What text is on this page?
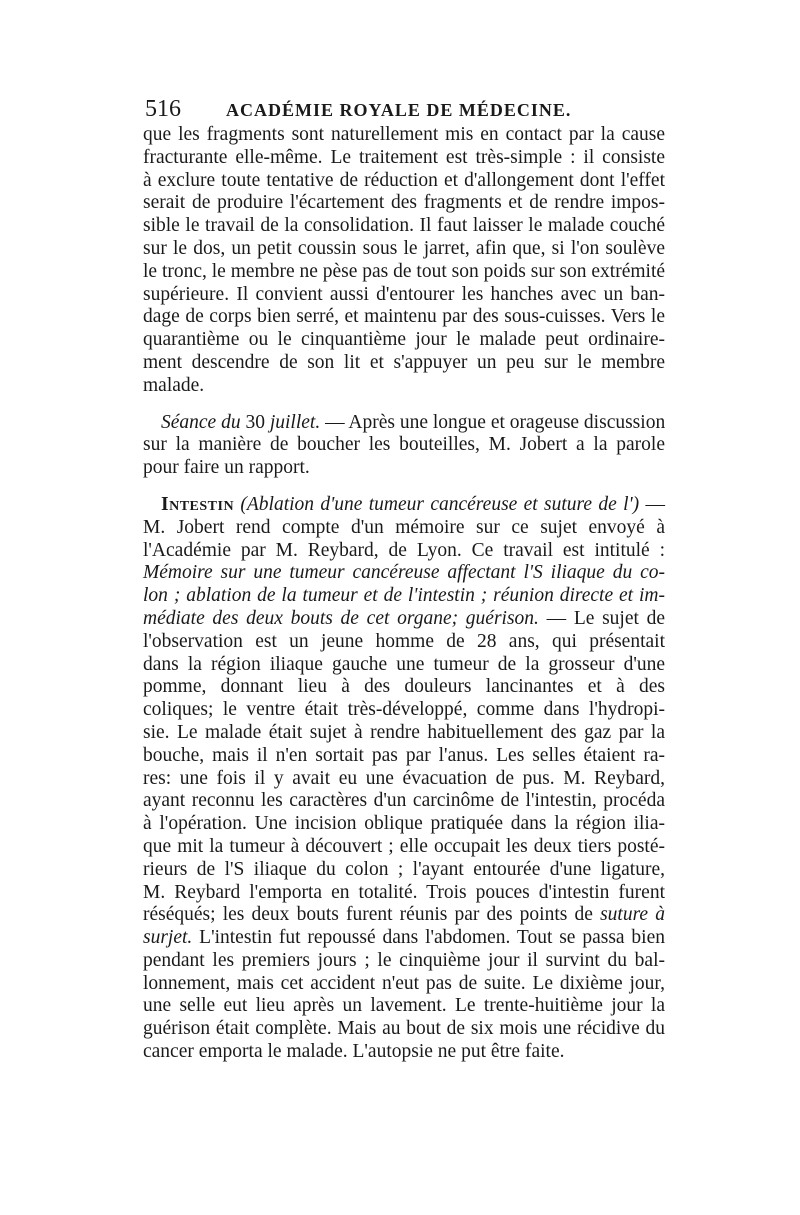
516	ACADÉMIE ROYALE DE MÉDECINE.
que les fragments sont naturellement mis en contact par la cause
fracturante elle-même. Le traitement est très-simple : il consiste
à exclure toute tentative de réduction et d'allongement dont l'effet
serait de produire l'écartement des fragments et de rendre impos-
sible le travail de la consolidation. Il faut laisser le malade couché
sur le dos, un petit coussin sous le jarret, afin que, si l'on soulève
le tronc, le membre ne pèse pas de tout son poids sur son extrémité
supérieure. Il convient aussi d'entourer les hanches avec un ban-
dage de corps bien serré, et maintenu par des sous-cuisses. Vers le
quarantième ou le cinquantième jour le malade peut ordinaire-
ment descendre de son lit et s'appuyer un peu sur le membre
malade.
Séance du 30 juillet. — Après une longue et orageuse discussion
sur la manière de boucher les bouteilles, M. Jobert a la parole
pour faire un rapport.
Intestin (Ablation d'une tumeur cancéreuse et suture de l') —
M. Jobert rend compte d'un mémoire sur ce sujet envoyé à
l'Académie par M. Reybard, de Lyon. Ce travail est intitulé :
Mémoire sur une tumeur cancéreuse affectant l'S iliaque du co-
lon ; ablation de la tumeur et de l'intestin ; réunion directe et im-
médiate des deux bouts de cet organe; guérison. — Le sujet de
l'observation est un jeune homme de 28 ans, qui présentait
dans la région iliaque gauche une tumeur de la grosseur d'une
pomme, donnant lieu à des douleurs lancinantes et à des
coliques; le ventre était très-développé, comme dans l'hydropi-
sie. Le malade était sujet à rendre habituellement des gaz par la
bouche, mais il n'en sortait pas par l'anus. Les selles étaient ra-
res: une fois il y avait eu une évacuation de pus. M. Reybard,
ayant reconnu les caractères d'un carcinôme de l'intestin, procéda
à l'opération. Une incision oblique pratiquée dans la région ilia-
que mit la tumeur à découvert ; elle occupait les deux tiers posté-
rieurs de l'S iliaque du colon ; l'ayant entourée d'une ligature,
M. Reybard l'emporta en totalité. Trois pouces d'intestin furent
réséqués; les deux bouts furent réunis par des points de suture à
surjet. L'intestin fut repoussé dans l'abdomen. Tout se passa bien
pendant les premiers jours ; le cinquième jour il survint du bal-
lonnement, mais cet accident n'eut pas de suite. Le dixième jour,
une selle eut lieu après un lavement. Le trente-huitième jour la
guérison était complète. Mais au bout de six mois une récidive du
cancer emporta le malade. L'autopsie ne put être faite.
